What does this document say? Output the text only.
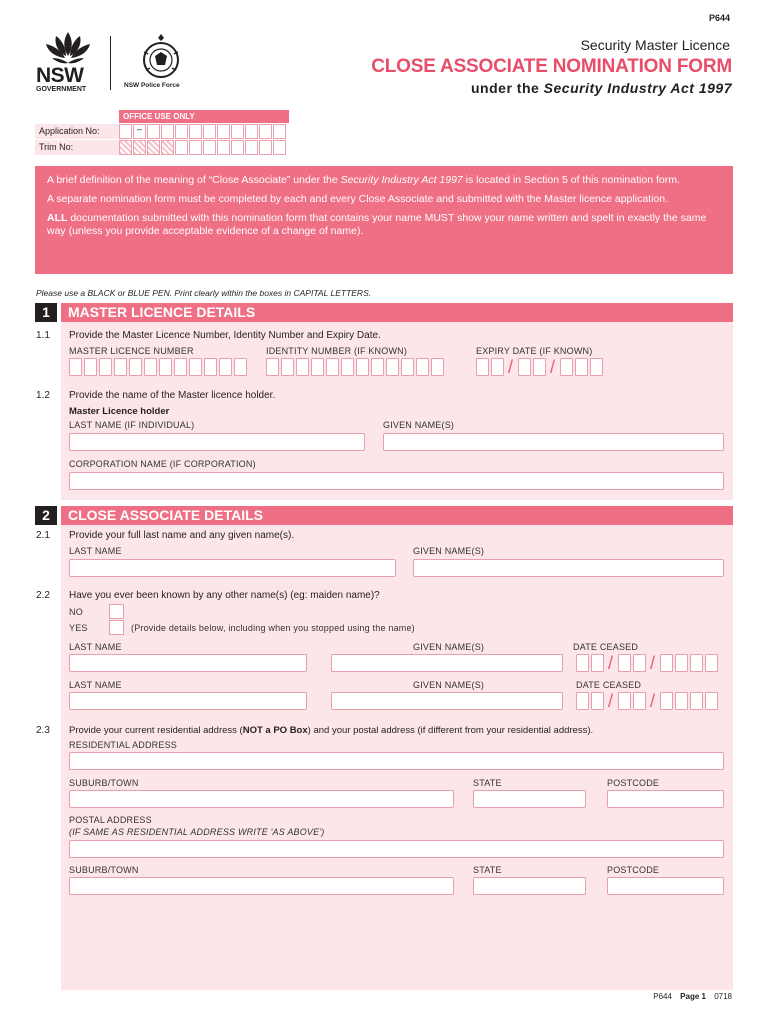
P644
NSW
GOVERNMENT
NSW Police Force
Security Master Licence
CLOSE ASSOCIATE NOMINATION FORM
under the Security Industry Act 1997
OFFICE USE ONLY
Application No:
Trim No:
–

A brief definition of the meaning of “Close Associate” under the Security Industry Act 1997 is located in Section 5 of this nomination form.

A separate nomination form must be completed by each and every Close Associate and submitted with the Master licence application.

ALL documentation submitted with this nomination form that contains your name MUST show your name written and spelt in exactly the same way (unless you provide acceptable evidence of a change of name).

Please use a BLACK or BLUE PEN. Print clearly within the boxes in CAPITAL LETTERS.
1	MASTER LICENCE DETAILS
1.1 Provide the Master Licence Number, Identity Number and Expiry Date.
MASTER LICENCE NUMBER	IDENTITY NUMBER (IF KNOWN)	EXPIRY DATE (IF KNOWN)
/ /
1.2 Provide the name of the Master licence holder.
Master Licence holder
LAST NAME (IF INDIVIDUAL)	GIVEN NAME(S)
CORPORATION NAME (IF CORPORATION)
2	CLOSE ASSOCIATE DETAILS
2.1 Provide your full last name and any given name(s).
LAST NAME	GIVEN NAME(S)
2.2 Have you ever been known by any other name(s) (eg: maiden name)?
NO
YES	(Provide details below, including when you stopped using the name)
LAST NAME	GIVEN NAME(S)	DATE CEASED
/ /
LAST NAME	GIVEN NAME(S)	DATE CEASED
/ /
2.3 Provide your current residential address (NOT a PO Box) and your postal address (if different from your residential address).
RESIDENTIAL ADDRESS
SUBURB/TOWN	STATE	POSTCODE
POSTAL ADDRESS
(IF SAME AS RESIDENTIAL ADDRESS WRITE 'AS ABOVE')
SUBURB/TOWN	STATE	POSTCODE
P644 Page 1 0718
